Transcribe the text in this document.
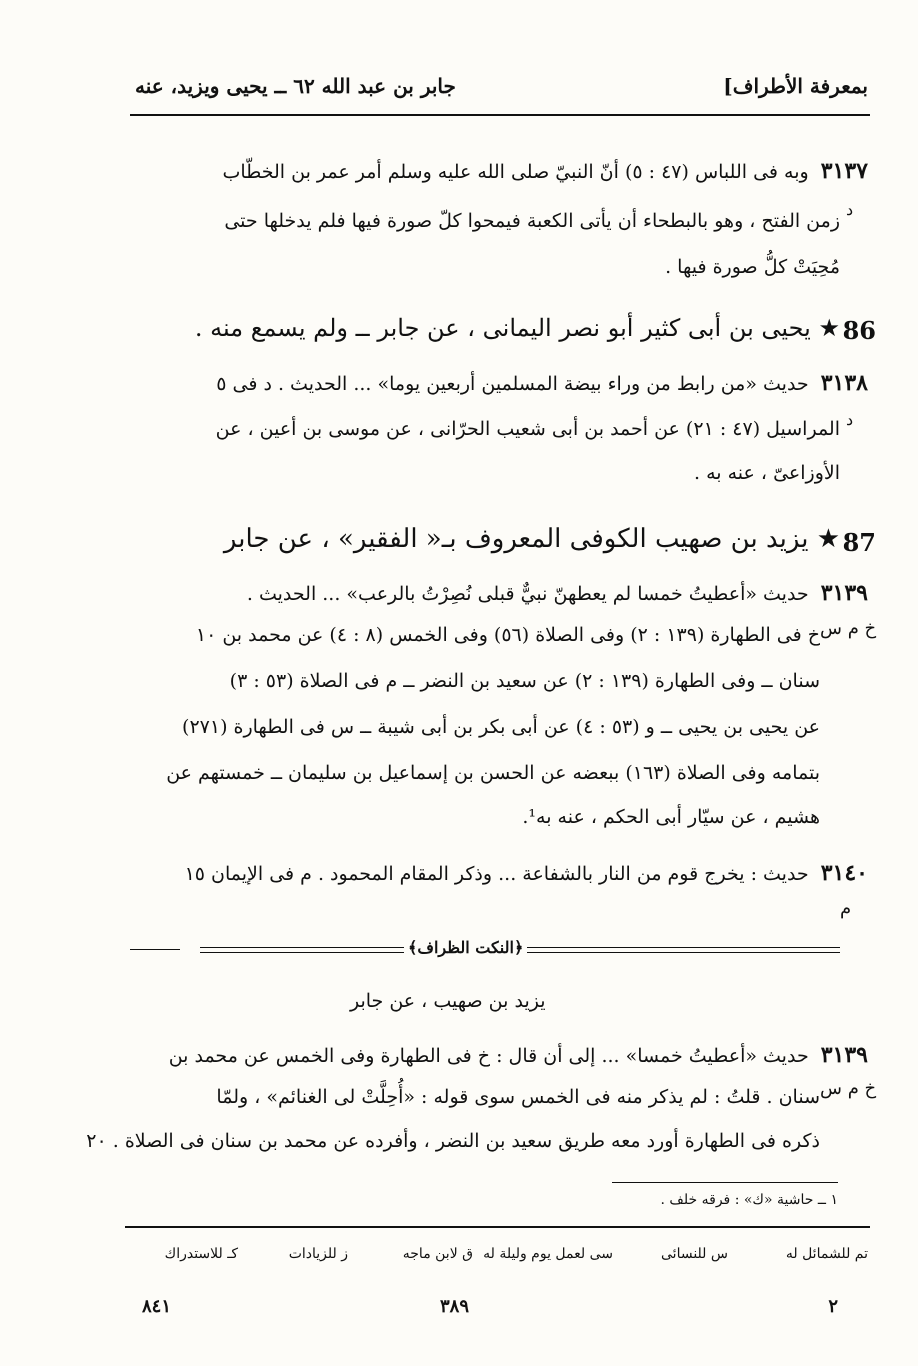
بمعرفة الأطراف]
جابر بن عبد الله ٦٢ ــ يحيى ويزيد، عنه
٣١٣٧ وبه فى اللباس (٤٧ : ٥) أنّ النبيّ صلى الله عليه وسلم أمر عمر بن الخطّاب
زمن الفتح ، وهو بالبطحاء أن يأتى الكعبة فيمحوا كلّ صورة فيها فلم يدخلها حتى
د
مُحِيَتْ كلُّ صورة فيها .
86
★ يحيى بن أبى كثير أبو نصر اليمانى ، عن جابر ــ ولم يسمع منه .
٣١٣٨ حديث «من رابط من وراء بيضة المسلمين أربعين يوما» ... الحديث . د فى ٥
د
المراسيل (٤٧ : ٢١) عن أحمد بن أبى شعيب الحرّانى ، عن موسى بن أعين ، عن
الأوزاعىّ ، عنه به .
87
★ يزيد بن صهيب الكوفى المعروف بـ« الفقير» ، عن جابر
٣١٣٩ حديث «أعطيتُ خمسا لم يعطهنّ نبيٌّ قبلى نُصِرْتُ بالرعب» ... الحديث .
خ م س
خ فى الطهارة (١٣٩ : ٢) وفى الصلاة (٥٦) وفى الخمس (٨ : ٤) عن محمد بن ١٠
سنان ــ وفى الطهارة (١٣٩ : ٢) عن سعيد بن النضر ــ م فى الصلاة (٥٣ : ٣)
عن يحيى بن يحيى ــ و (٥٣ : ٤) عن أبى بكر بن أبى شيبة ــ س فى الطهارة (٢٧١)
بتمامه وفى الصلاة (١٦٣) ببعضه عن الحسن بن إسماعيل بن سليمان ــ خمستهم عن
هشيم ، عن سيّار أبى الحكم ، عنه به¹.
٣١٤٠ حديث : يخرج قوم من النار بالشفاعة ... وذكر المقام المحمود . م فى الإيمان ١٥
م
﴿النكت الظراف﴾
يزيد بن صهيب ، عن جابر
٣١٣٩ حديث «أعطيتُ خمسا» ... إلى أن قال : خ فى الطهارة وفى الخمس عن محمد بن
خ م س
سنان . قلتُ : لم يذكر منه فى الخمس سوى قوله : «أُحِلَّتْ لى الغنائم» ، ولمّا
ذكره فى الطهارة أورد معه طريق سعيد بن النضر ، وأفرده عن محمد بن سنان فى الصلاة . ٢٠
١ ــ حاشية «ك» : فرقه خلف .
تم للشمائل له
س للنسائى
سى لعمل يوم وليلة له
ق لابن ماجه
ز للزيادات
كـ للاستدراك
٢
٣٨٩
٨٤١
